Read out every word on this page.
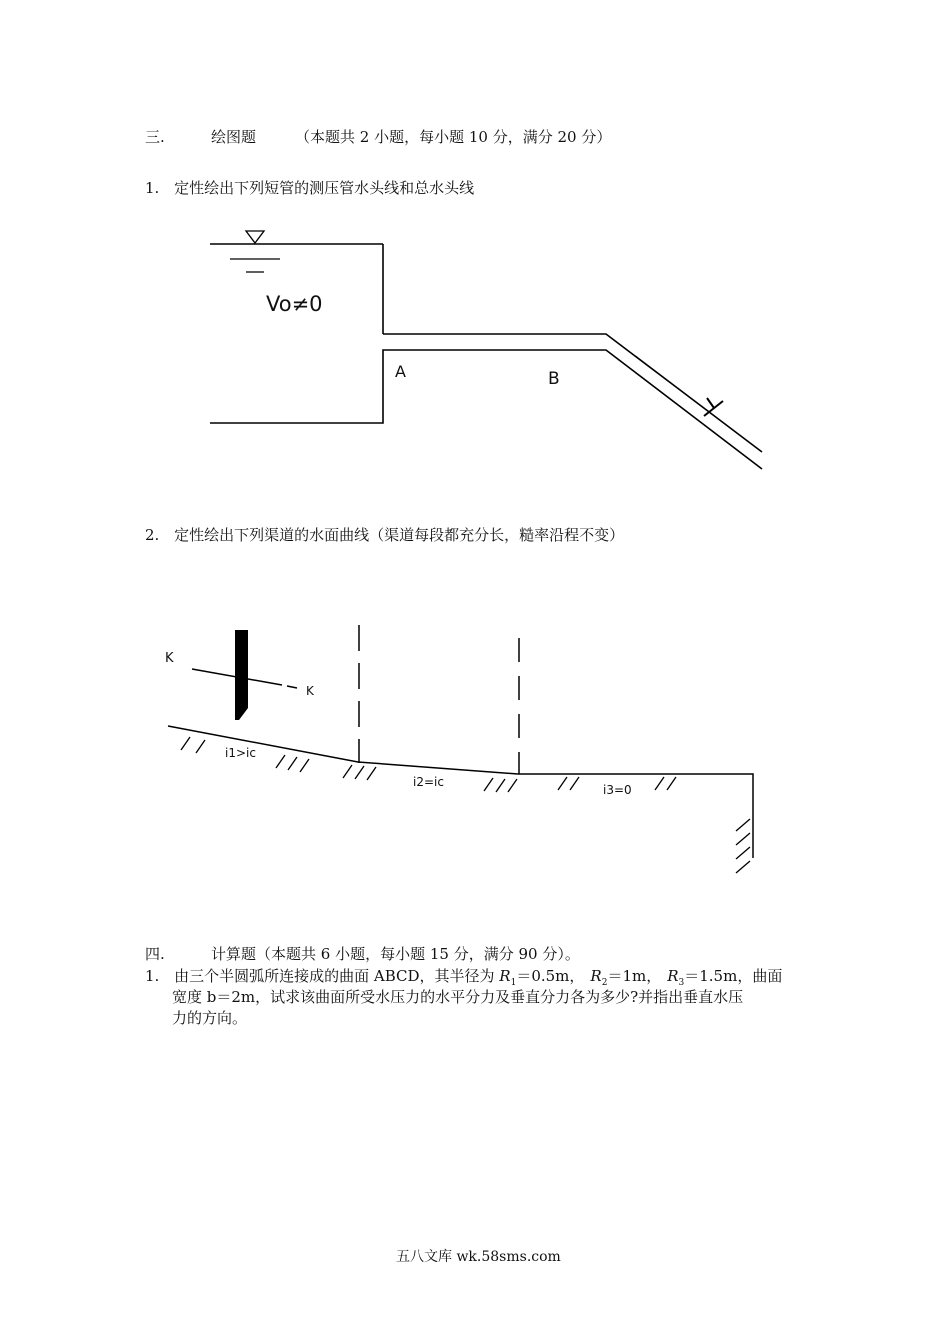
三.	绘图题	（本题共 2 小题，每小题 10 分，满分 20 分）
1. 定性绘出下列短管的测压管水头线和总水头线
Vo≠0
A	B
2. 定性绘出下列渠道的水面曲线（渠道每段都充分长，糙率沿程不变）
K
K
i1>ic
i2=ic
i3=0
四.	计算题（本题共 6 小题，每小题 15 分，满分 90 分）。
1. 由三个半圆弧所连接成的曲面 ABCD，其半径为 $R_1=0.5m$， $R_2=1m$， $R_3=1.5m$，曲面
宽度 b＝2m，试求该曲面所受水压力的水平分力及垂直分力各为多少?并指出垂直水压
力的方向。
五八文库 wk.58sms.com
